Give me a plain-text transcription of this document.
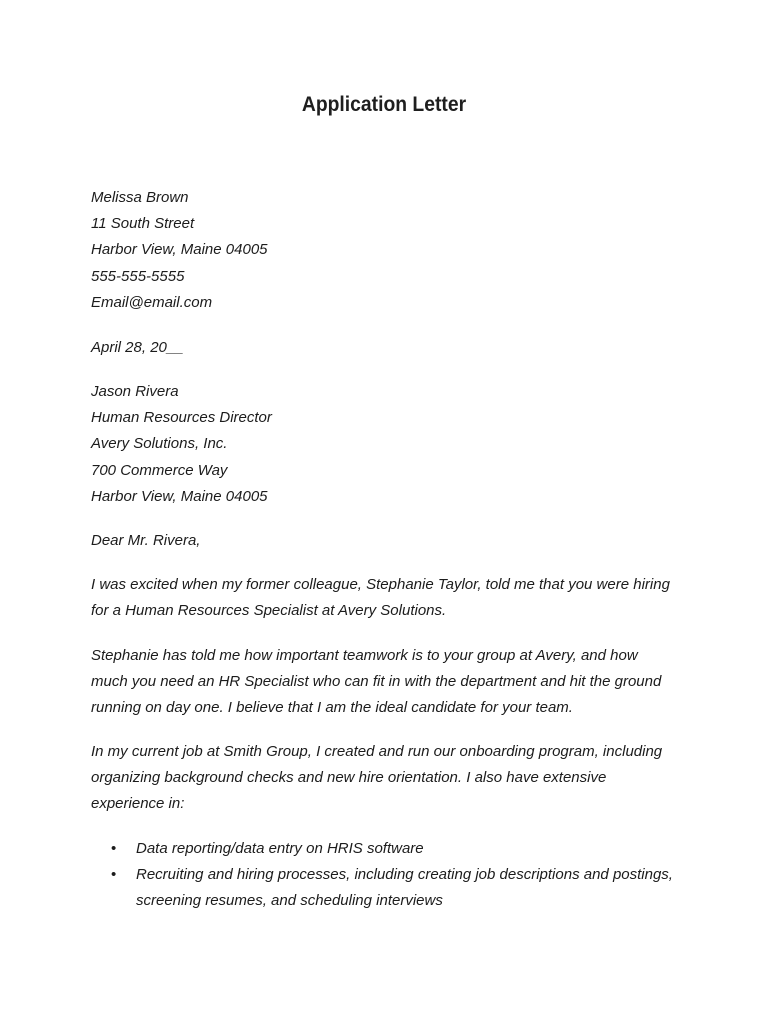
Application Letter
Melissa Brown
11 South Street
Harbor View, Maine 04005
555-555-5555
Email@email.com
April 28, 20__
Jason Rivera
Human Resources Director
Avery Solutions, Inc.
700 Commerce Way
Harbor View, Maine 04005
Dear Mr. Rivera,
I was excited when my former colleague, Stephanie Taylor, told me that you were hiring
for a Human Resources Specialist at Avery Solutions.
Stephanie has told me how important teamwork is to your group at Avery, and how
much you need an HR Specialist who can fit in with the department and hit the ground
running on day one. I believe that I am the ideal candidate for your team.
In my current job at Smith Group, I created and run our onboarding program, including
organizing background checks and new hire orientation. I also have extensive
experience in:
• Data reporting/data entry on HRIS software
• Recruiting and hiring processes, including creating job descriptions and postings,
screening resumes, and scheduling interviews
